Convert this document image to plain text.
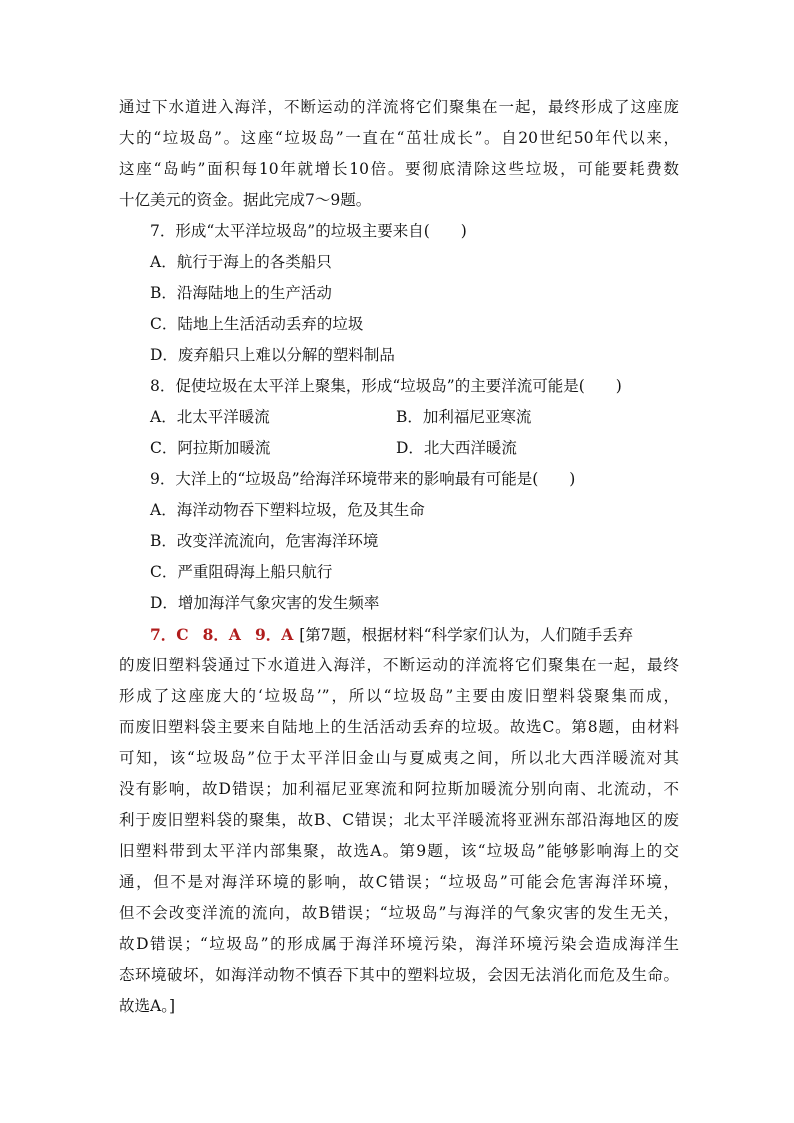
通过下水道进入海洋，不断运动的洋流将它们聚集在一起，最终形成了这座庞
大的“垃圾岛”。这座“垃圾岛”一直在“茁壮成长”。自20世纪50年代以来，
这座“岛屿”面积每10年就增长10倍。要彻底清除这些垃圾，可能要耗费数
十亿美元的资金。据此完成7～9题。
7．形成“太平洋垃圾岛”的垃圾主要来自(　　)
A．航行于海上的各类船只
B．沿海陆地上的生产活动
C．陆地上生活活动丢弃的垃圾
D．废弃船只上难以分解的塑料制品
8．促使垃圾在太平洋上聚集，形成“垃圾岛”的主要洋流可能是(　　)
A．北太平洋暖流	B．加利福尼亚寒流
C．阿拉斯加暖流	D．北大西洋暖流
9．大洋上的“垃圾岛”给海洋环境带来的影响最有可能是(　　)
A．海洋动物吞下塑料垃圾，危及其生命
B．改变洋流流向，危害海洋环境
C．严重阻碍海上船只航行
D．增加海洋气象灾害的发生频率
7．C 8．A 9．A [第7题，根据材料“科学家们认为，人们随手丢弃
的废旧塑料袋通过下水道进入海洋，不断运动的洋流将它们聚集在一起，最终
形成了这座庞大的‘垃圾岛’”，所以“垃圾岛”主要由废旧塑料袋聚集而成，
而废旧塑料袋主要来自陆地上的生活活动丢弃的垃圾。故选C。第8题，由材料
可知，该“垃圾岛”位于太平洋旧金山与夏威夷之间，所以北大西洋暖流对其
没有影响，故D错误；加利福尼亚寒流和阿拉斯加暖流分别向南、北流动，不
利于废旧塑料袋的聚集，故B、C错误；北太平洋暖流将亚洲东部沿海地区的废
旧塑料带到太平洋内部集聚，故选A。第9题，该“垃圾岛”能够影响海上的交
通，但不是对海洋环境的影响，故C错误；“垃圾岛”可能会危害海洋环境，
但不会改变洋流的流向，故B错误；“垃圾岛”与海洋的气象灾害的发生无关，
故D错误；“垃圾岛”的形成属于海洋环境污染，海洋环境污染会造成海洋生
态环境破坏，如海洋动物不慎吞下其中的塑料垃圾，会因无法消化而危及生命。
故选A。]
